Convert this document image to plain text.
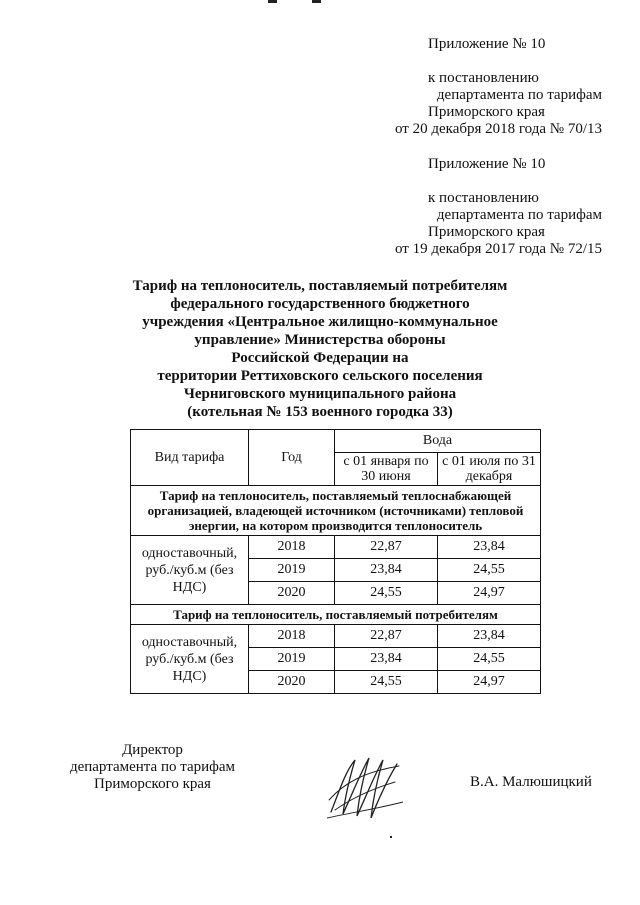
Приложение № 10
к постановлению
департамента по тарифам
Приморского края
от 20 декабря 2018 года № 70/13
Приложение № 10
к постановлению
департамента по тарифам
Приморского края
от 19 декабря 2017 года № 72/15
Тариф на теплоноситель, поставляемый потребителям
федерального государственного бюджетного
учреждения «Центральное жилищно-коммунальное
управление» Министерства обороны
Российской Федерации на
территории Реттиховского сельского поселения
Черниговского муниципального района
(котельная № 153 военного городка 33)
Вид тарифа	Год	Вода	
		с 01 января по 30 июня	с 01 июля по 31 декабря
Тариф на теплоноситель, поставляемый теплоснабжающей организацией, владеющей источником (источниками) тепловой энергии, на котором производится теплоноситель			
одноставочный, руб./куб.м (без НДС)	2018	22,87	23,84
	2019	23,84	24,55
	2020	24,55	24,97
Тариф на теплоноситель, поставляемый потребителям			
одноставочный, руб./куб.м (без НДС)	2018	22,87	23,84
	2019	23,84	24,55
	2020	24,55	24,97
Директор
департамента по тарифам
Приморского края	В.А. Малюшицкий
